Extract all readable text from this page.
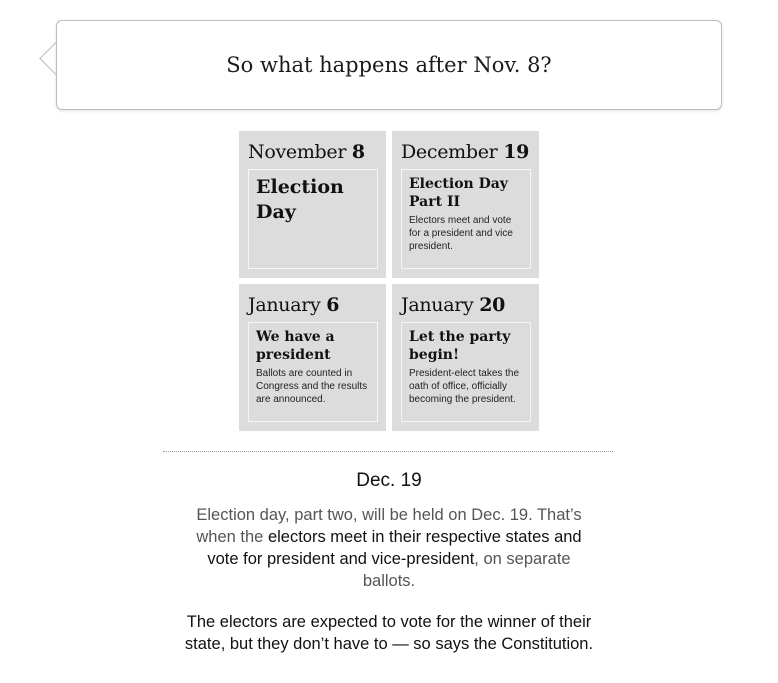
So what happens after Nov. 8?
November 8
Election
Day
December 19
Election Day
Part II
Electors meet and vote for a president and vice president.
January 6
We have a
president
Ballots are counted in Congress and the results are announced.
January 20
Let the party
begin!
President-elect takes the oath of office, officially becoming the president.
Dec. 19
Election day, part two, will be held on Dec. 19. That’s when the electors meet in their respective states and vote for president and vice-president, on separate ballots.
The electors are expected to vote for the winner of their state, but they don’t have to — so says the Constitution.
